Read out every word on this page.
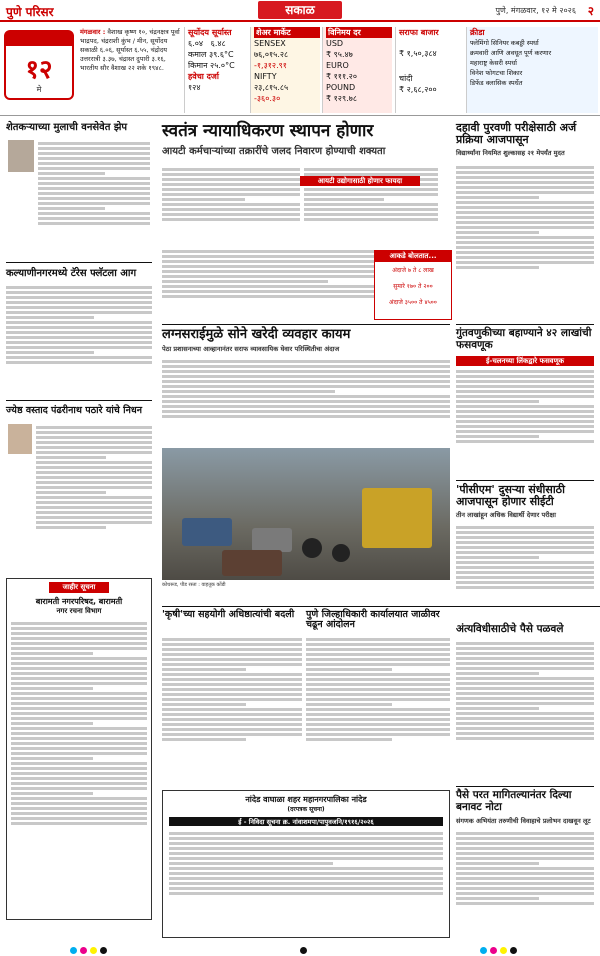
पुणे परिसर	सकाळ	पुणे, मंगळवार, १२ मे २०२६ २
१२
मे
मंगळवार : वैशाख कृष्ण १०, चंद्रनक्षत्र पूर्वा भाद्रपद, चंद्रराशी कुंभ / मीन, सूर्योदय सकाळी ६.०६, सूर्यास्त ६.५५, चंद्रोदय उत्तररात्री ३.३७, चंद्रास्त दुपारी ३.१६, भारतीय सौर वैशाख २२ शके १९४८.
सूर्योदय सूर्यास्त
६.०४ ६.४८
कमाल ३९.६°C
किमान २५.०°C
हवेचा दर्जा
१२४
शेअर मार्केट
SENSEX
७६,०१५.२८
-१,३१२.९१
NIFTY
२३,८१५.८५
-३६०.३०
विनिमय दर
USD
₹ ९५.४७
EURO
₹ १११.२०
POUND
₹ १२९.७८
सराफा बाजार
₹ १,५०,३८४
चांदी
₹ २,६८,२००
क्रीडा
फ्लेमिंगो सिनियर कबड्डी स्पर्धा
क्रमवारी आणि अवधूत पूर्ण करणार
महाराष्ट्र केसरी स्पर्धा
विनेश फोगटचा शिकार
डिफेंड क्लासिक स्पर्धेत
शेतकऱ्याच्या मुलाची वनसेवेत झेप
कल्याणीनगरमध्ये टॅरेस फ्लॅटला आग
ज्येष्ठ वस्ताद पंढरीनाथ पठारे यांचे निधन
स्वतंत्र न्यायाधिकरण स्थापन होणार
आयटी कर्मचाऱ्यांच्या तक्रारींचे जलद निवारण होण्याची शक्यता
आयटी उद्योगासाठी होणार फायदा
आकडे बोलतात...
अंदाजे ७ ते ८ लाख
सुमारे १७० ते २००
अंदाजे ३५०० ते ४५००
दहावी पुरवणी परीक्षेसाठी अर्ज प्रक्रिया आजपासून
विद्यार्थ्यांना नियमित शुल्कासह २१ मेपर्यंत मुदत
लग्नसराईमुळे सोने खरेदी व्यवहार कायम
पेठा प्रशासनाच्या आव्हानानंतर सराफ व्यावसायिक घेवार परिस्थितीचा अंदाज
गुंतवणुकीच्या बहाण्याने ४२ लाखांची फसवणूक
ई-चलनच्या लिंकद्वारे फसवणूक
कोथरूड, पौड रस्ता : वाहतूक कोंडी
'पीसीएम' दुसऱ्या संधीसाठी आजपासून होणार सीईटी
तीन लाखांहून अधिक विद्यार्थी देणार परीक्षा
जाहीर सूचना
बारामती नगरपरिषद, बारामती
नगर रचना विभाग	'कृषी'च्या सहयोगी अधिष्ठात्यांची बदली	पुणे जिल्हाधिकारी कार्यालयात जाळीवर चढून आंदोलन	अंत्यविधीसाठीचे पैसे पळवले
नांदेड वाघाळा शहर महानगरपालिका नांदेड
(दरपत्रक सूचना)
ई - निविदा सूचना क्र. नांवाशमपा/पापुवजनि/१९१६/२०२६
पैसे परत मागितल्यानंतर दिल्या बनावट नोटा
संगणक अभियंता तरुणीची विवाहाचे प्रलोभन दाखवून लूट
